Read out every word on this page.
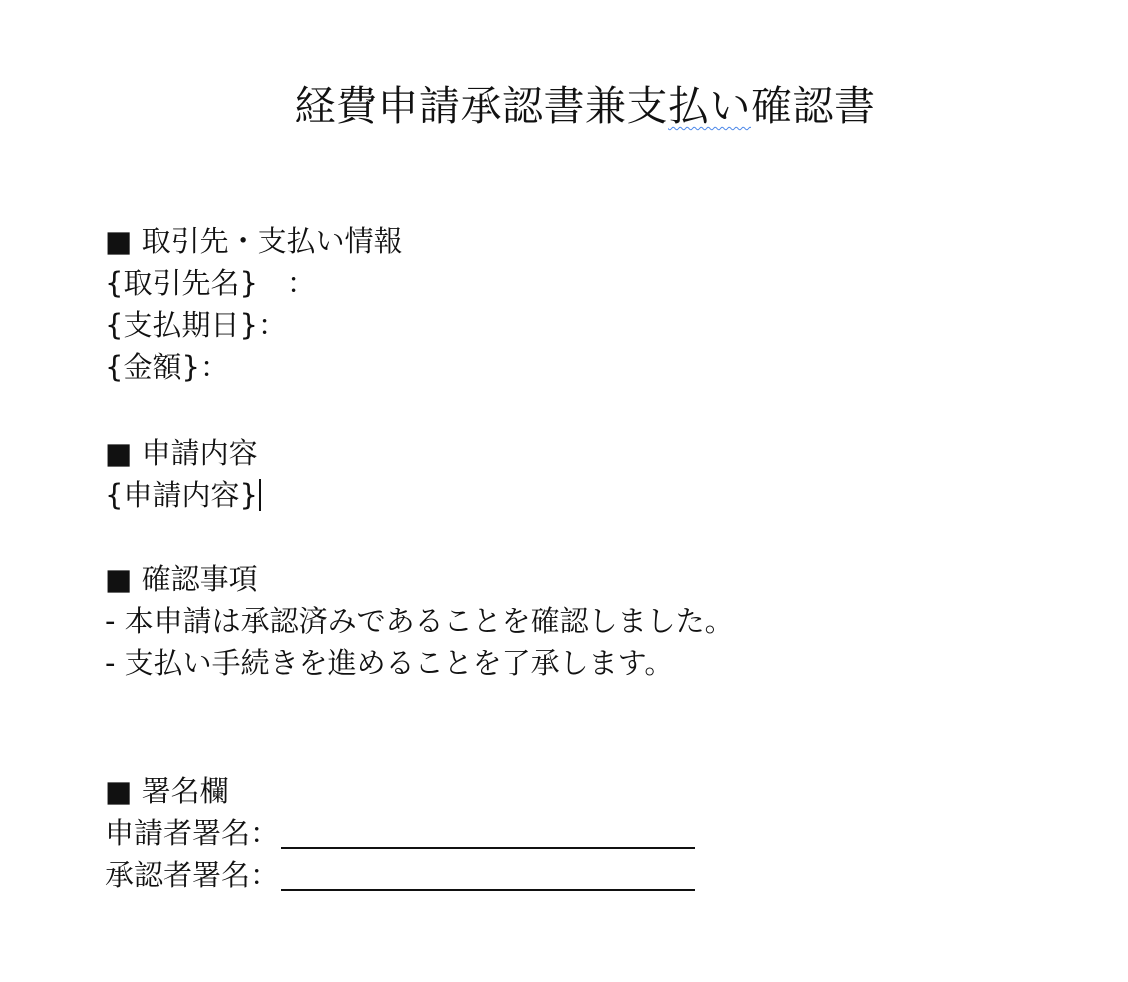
経費申請承認書兼支払い確認書
■ 取引先・支払い情報
{取引先名}　：
{支払期日}：
{金額}：
■ 申請内容
{申請内容}
■ 確認事項
- 本申請は承認済みであることを確認しました。
- 支払い手続きを進めることを了承します。
■ 署名欄
申請者署名：
承認者署名：
